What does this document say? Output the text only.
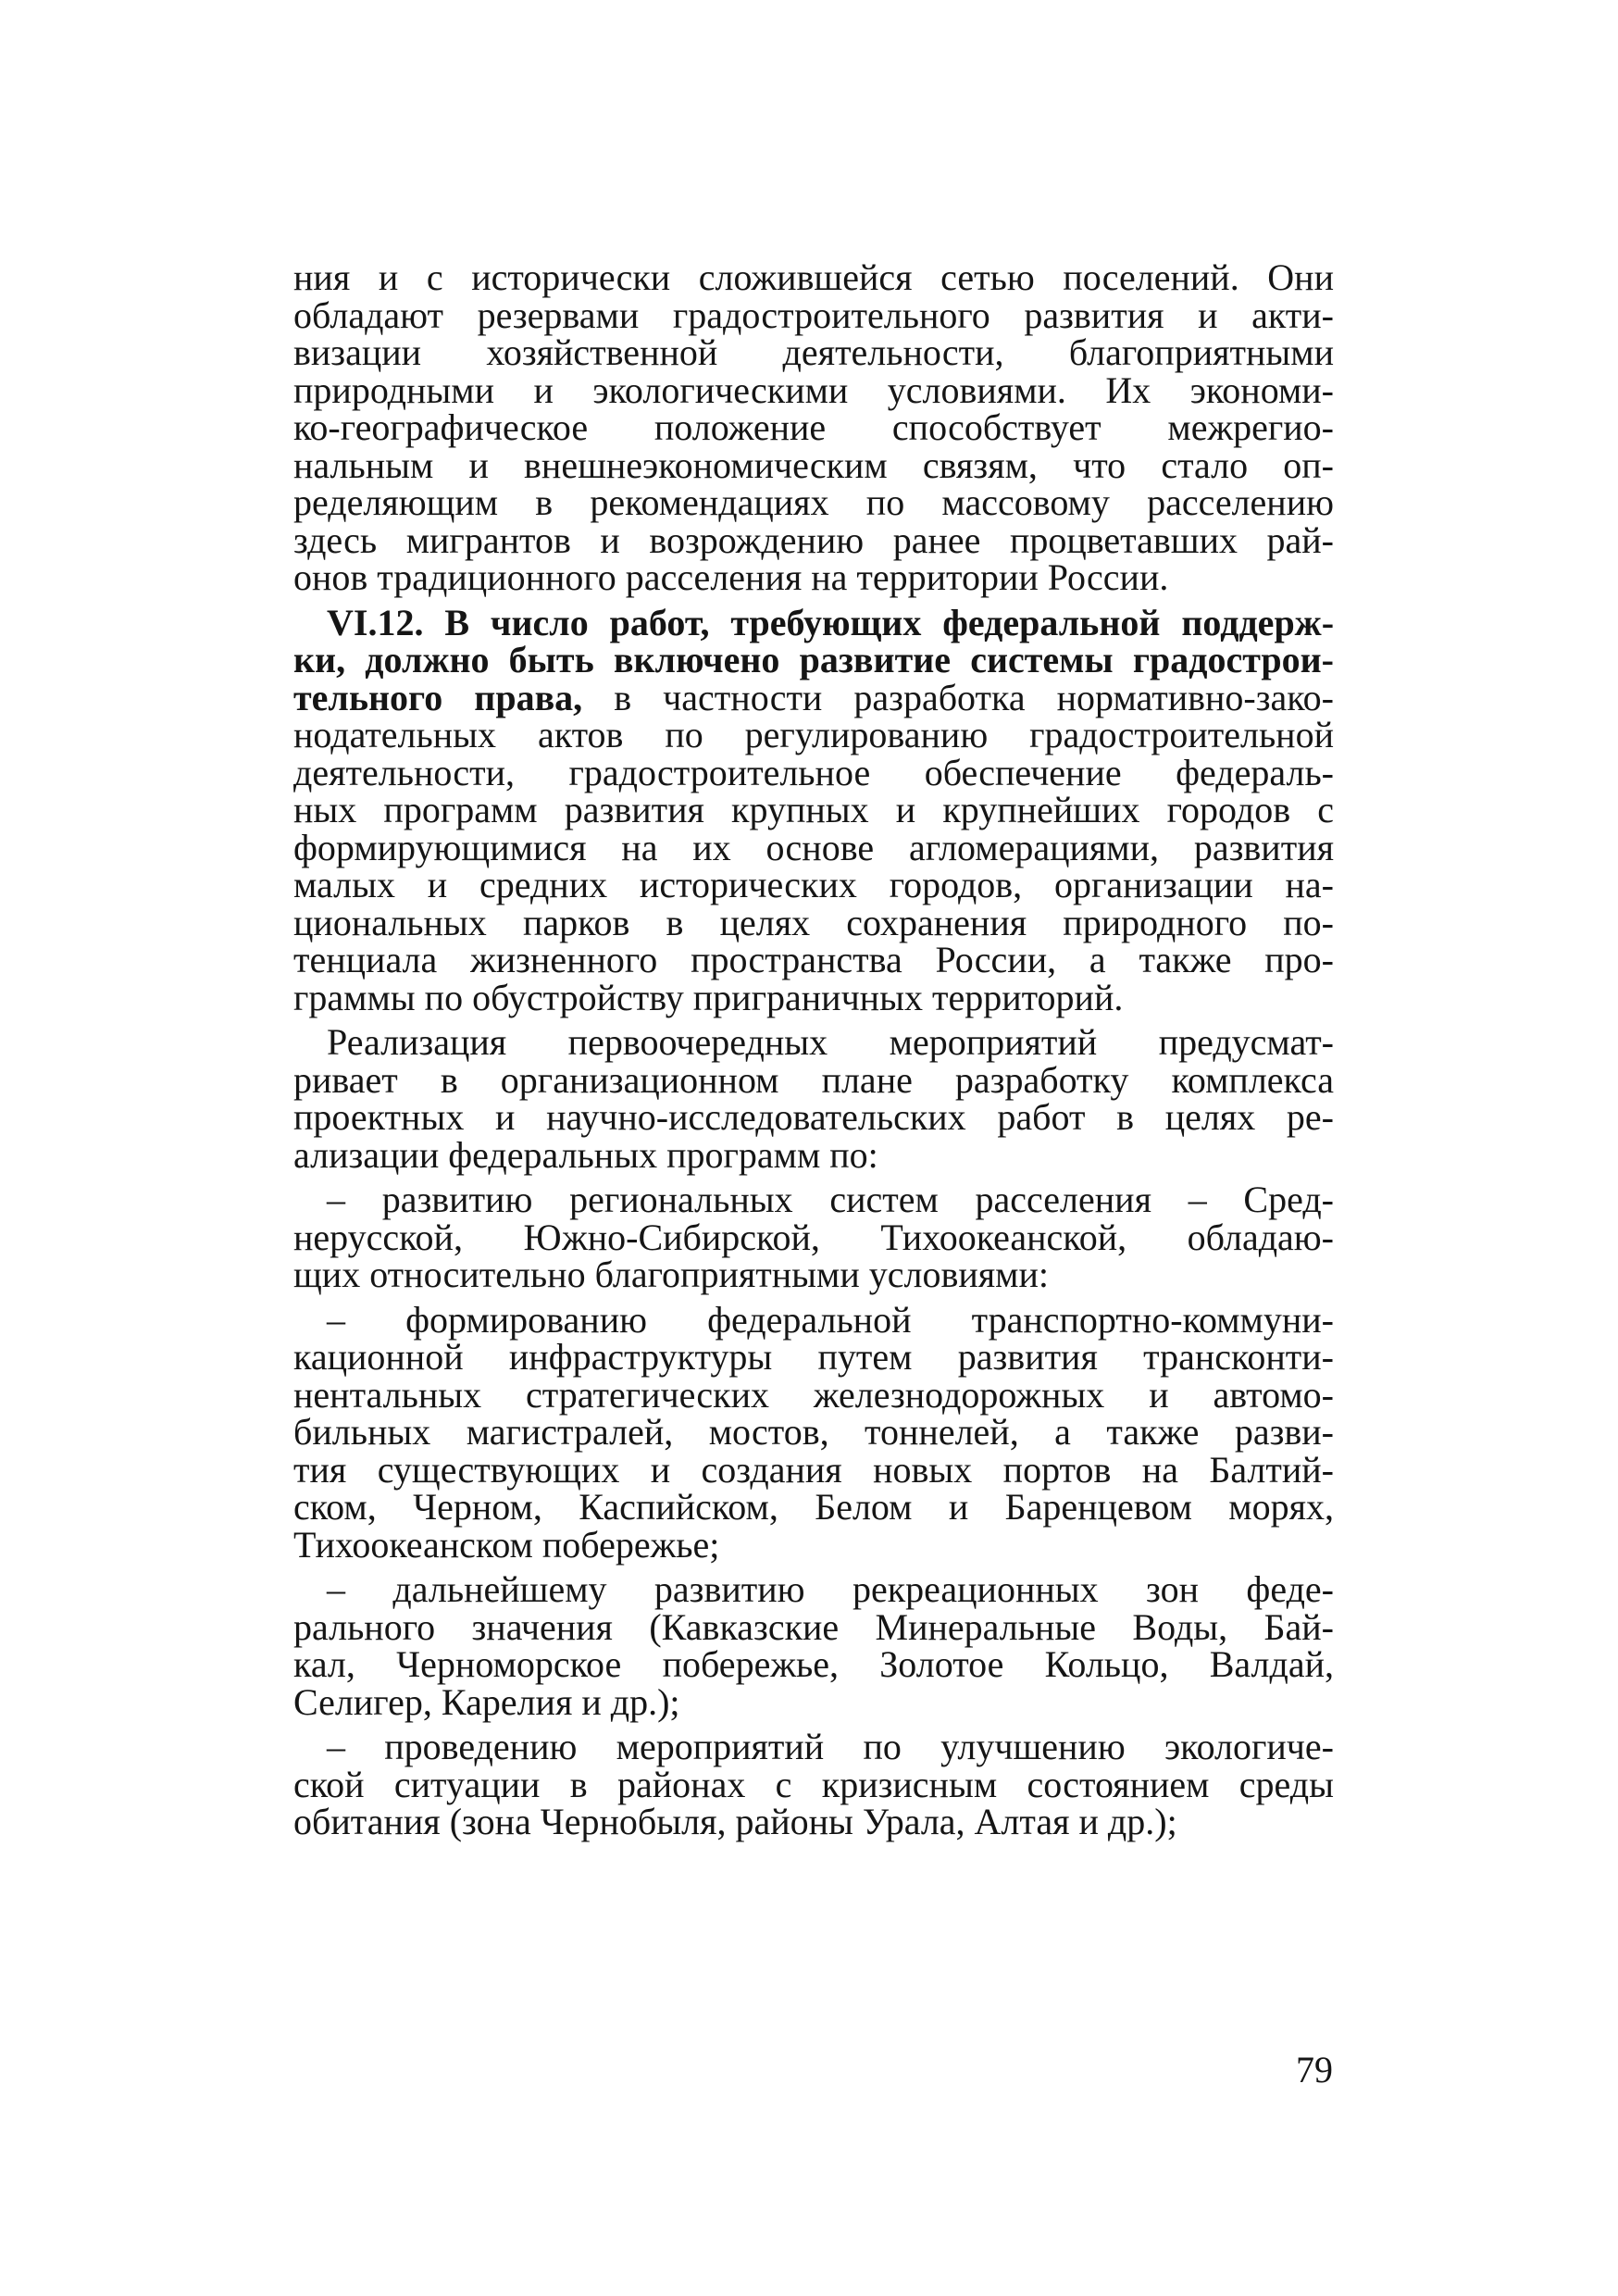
ния и с исторически сложившейся сетью поселений. Они
обладают резервами градостроительного развития и акти-
визации хозяйственной деятельности, благоприятными
природными и экологическими условиями. Их экономи-
ко-географическое положение способствует межрегио-
нальным и внешнеэкономическим связям, что стало оп-
ределяющим в рекомендациях по массовому расселению
здесь мигрантов и возрождению ранее процветавших рай-
онов традиционного расселения на территории России.
VI.12. В число работ, требующих федеральной поддерж-
ки, должно быть включено развитие системы градострои-
тельного права, в частности разработка нормативно-зако-
нодательных актов по регулированию градостроительной
деятельности, градостроительное обеспечение федераль-
ных программ развития крупных и крупнейших городов с
формирующимися на их основе агломерациями, развития
малых и средних исторических городов, организации на-
циональных парков в целях сохранения природного по-
тенциала жизненного пространства России, а также про-
граммы по обустройству приграничных территорий.
Реализация первоочередных мероприятий предусмат-
ривает в организационном плане разработку комплекса
проектных и научно-исследовательских работ в целях ре-
ализации федеральных программ по:
– развитию региональных систем расселения – Сред-
нерусской, Южно-Сибирской, Тихоокеанской, обладаю-
щих относительно благоприятными условиями:
– формированию федеральной транспортно-коммуни-
кационной инфраструктуры путем развития трансконти-
нентальных стратегических железнодорожных и автомо-
бильных магистралей, мостов, тоннелей, а также разви-
тия существующих и создания новых портов на Балтий-
ском, Черном, Каспийском, Белом и Баренцевом морях,
Тихоокеанском побережье;
– дальнейшему развитию рекреационных зон феде-
рального значения (Кавказские Минеральные Воды, Бай-
кал, Черноморское побережье, Золотое Кольцо, Валдай,
Селигер, Карелия и др.);
– проведению мероприятий по улучшению экологиче-
ской ситуации в районах с кризисным состоянием среды
обитания (зона Чернобыля, районы Урала, Алтая и др.);
79
